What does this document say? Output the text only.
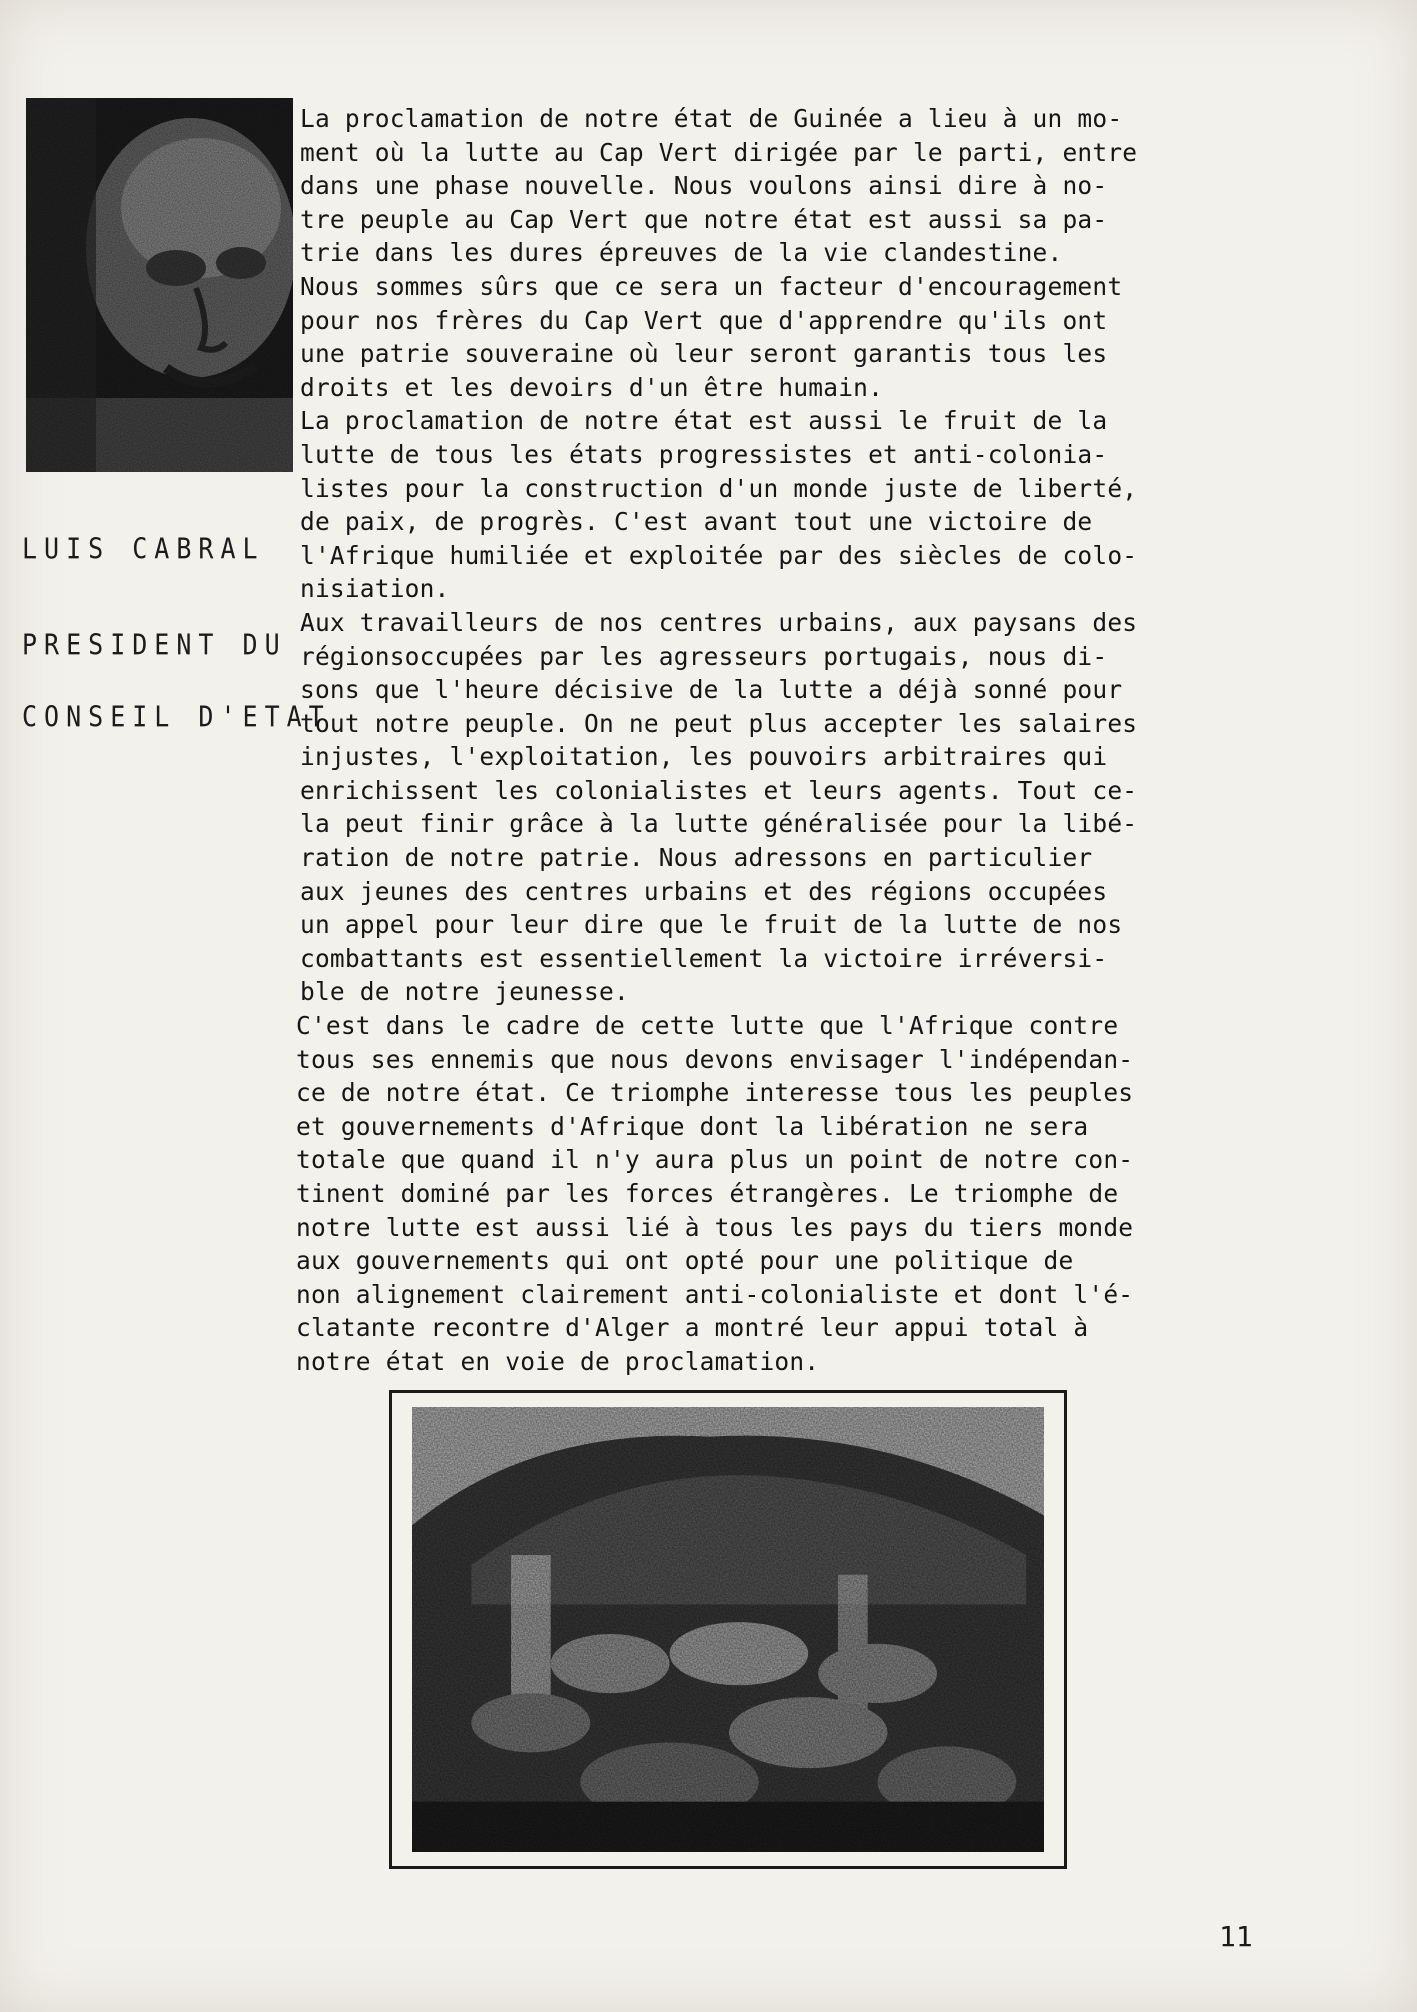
LUIS CABRAL
PRESIDENT DU
CONSEIL D'ETAT

La proclamation de notre état de Guinée a lieu à un mo-

ment où la lutte au Cap Vert dirigée par le parti, entre

dans une phase nouvelle. Nous voulons ainsi dire à no-

tre peuple au Cap Vert que notre état est aussi sa pa-

trie dans les dures épreuves de la vie clandestine.

Nous sommes sûrs que ce sera un facteur d'encouragement

pour nos frères du Cap Vert que d'apprendre qu'ils ont

une patrie souveraine où leur seront garantis tous les

droits et les devoirs d'un être humain.

La proclamation de notre état est aussi le fruit de la

lutte de tous les états progressistes et anti-colonia-

listes pour la construction d'un monde juste de liberté,

de paix, de progrès. C'est avant tout une victoire de

l'Afrique humiliée et exploitée par des siècles de colo-

nisiation.

Aux travailleurs de nos centres urbains, aux paysans des

régionsoccupées par les agresseurs portugais, nous di-

sons que l'heure décisive de la lutte a déjà sonné pour

tout notre peuple. On ne peut plus accepter les salaires

injustes, l'exploitation, les pouvoirs arbitraires qui

enrichissent les colonialistes et leurs agents. Tout ce-

la peut finir grâce à la lutte généralisée pour la libé-

ration de notre patrie. Nous adressons en particulier

aux jeunes des centres urbains et des régions occupées

un appel pour leur dire que le fruit de la lutte de nos

combattants est essentiellement la victoire irréversi-

ble de notre jeunesse.

C'est dans le cadre de cette lutte que l'Afrique contre

tous ses ennemis que nous devons envisager l'indépendan-

ce de notre état. Ce triomphe interesse tous les peuples

et gouvernements d'Afrique dont la libération ne sera

totale que quand il n'y aura plus un point de notre con-

tinent dominé par les forces étrangères. Le triomphe de

notre lutte est aussi lié à tous les pays du tiers monde

aux gouvernements qui ont opté pour une politique de

non alignement clairement anti-colonialiste et dont l'é-

clatante recontre d'Alger a montré leur appui total à

notre état en voie de proclamation.

11
